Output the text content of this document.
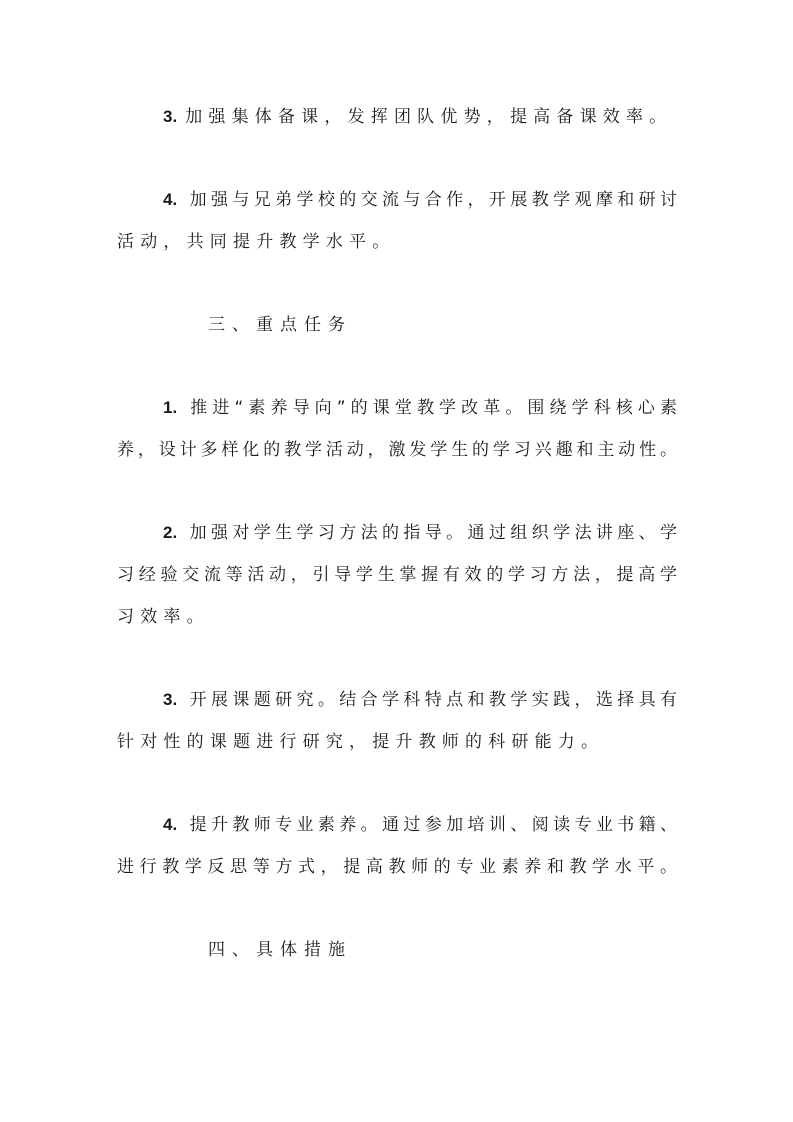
3. 加强集体备课，发挥团队优势，提高备课效率。
4. 加强与兄弟学校的交流与合作，开展教学观摩和研讨
活动，共同提升教学水平。
三、重点任务
1. 推进“素养导向”的课堂教学改革。围绕学科核心素
养，设计多样化的教学活动，激发学生的学习兴趣和主动性。
2. 加强对学生学习方法的指导。通过组织学法讲座、学
习经验交流等活动，引导学生掌握有效的学习方法，提高学
习效率。
3. 开展课题研究。结合学科特点和教学实践，选择具有
针对性的课题进行研究，提升教师的科研能力。
4. 提升教师专业素养。通过参加培训、阅读专业书籍、
进行教学反思等方式，提高教师的专业素养和教学水平。
四、具体措施
